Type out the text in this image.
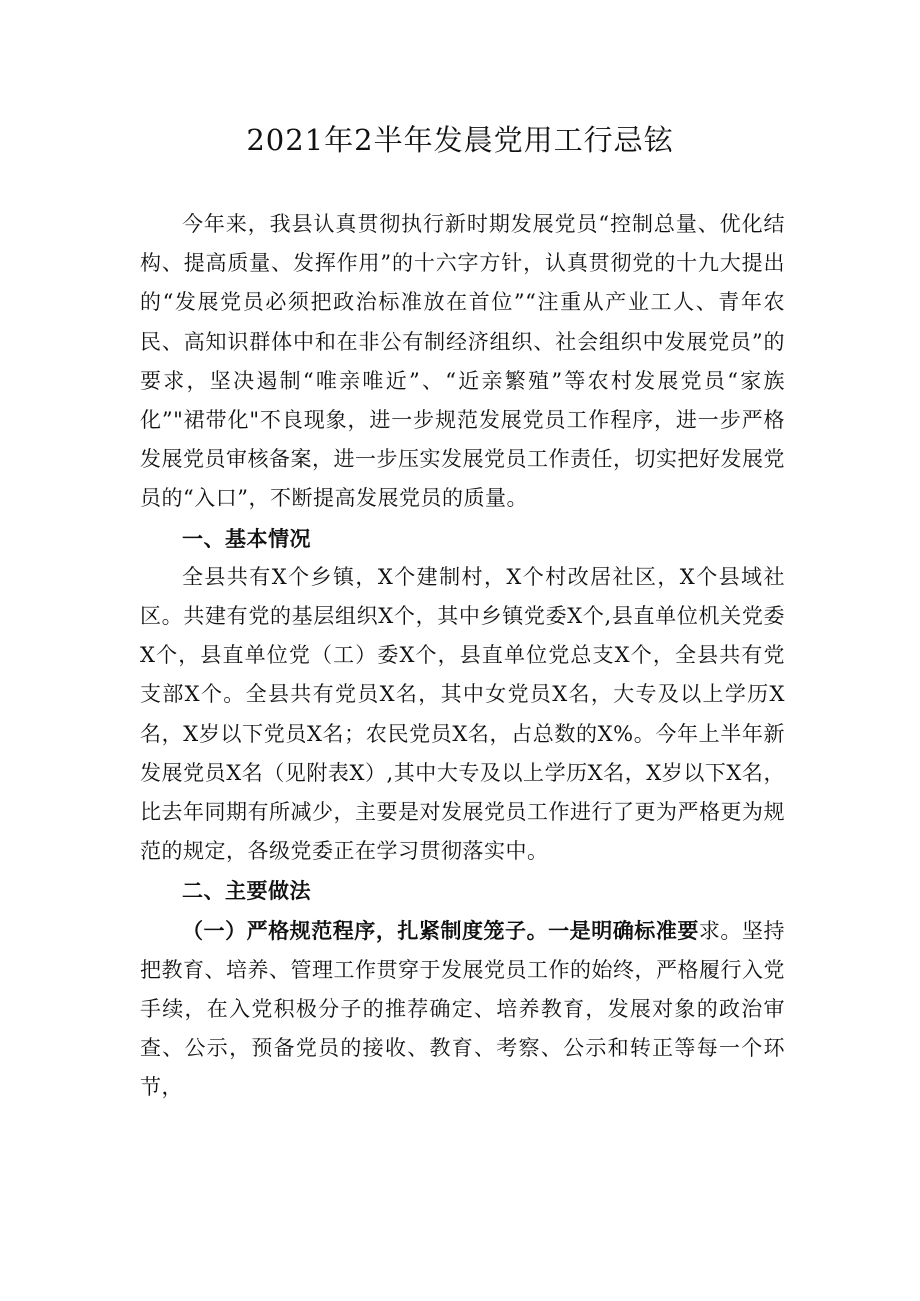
2021年2半年发晨党用工行忌铉

今年来，我县认真贯彻执行新时期发展党员“控制总量、优化结构、提高质量、发挥作用”的十六字方针，认真贯彻党的十九大提出的“发展党员必须把政治标准放在首位”“注重从产业工人、青年农民、高知识群体中和在非公有制经济组织、社会组织中发展党员”的要求，坚决遏制“唯亲唯近”、“近亲繁殖”等农村发展党员“家族化”"裙带化"不良现象，进一步规范发展党员工作程序，进一步严格发展党员审核备案，进一步压实发展党员工作责任，切实把好发展党员的“入口”，不断提高发展党员的质量。

一、基本情况

全县共有X个乡镇，X个建制村，X个村改居社区，X个县域社区。共建有党的基层组织X个，其中乡镇党委X个,县直单位机关党委X个，县直单位党（工）委X个，县直单位党总支X个，全县共有党支部X个。全县共有党员X名，其中女党员X名，大专及以上学历X名，X岁以下党员X名；农民党员X名，占总数的X%。今年上半年新发展党员X名（见附表X）,其中大专及以上学历X名，X岁以下X名，比去年同期有所减少，主要是对发展党员工作进行了更为严格更为规范的规定，各级党委正在学习贯彻落实中。

二、主要做法

（一）严格规范程序，扎紧制度笼子。一是明确标准要求。坚持把教育、培养、管理工作贯穿于发展党员工作的始终，严格履行入党手续，在入党积极分子的推荐确定、培养教育，发展对象的政治审查、公示，预备党员的接收、教育、考察、公示和转正等每一个环节，
